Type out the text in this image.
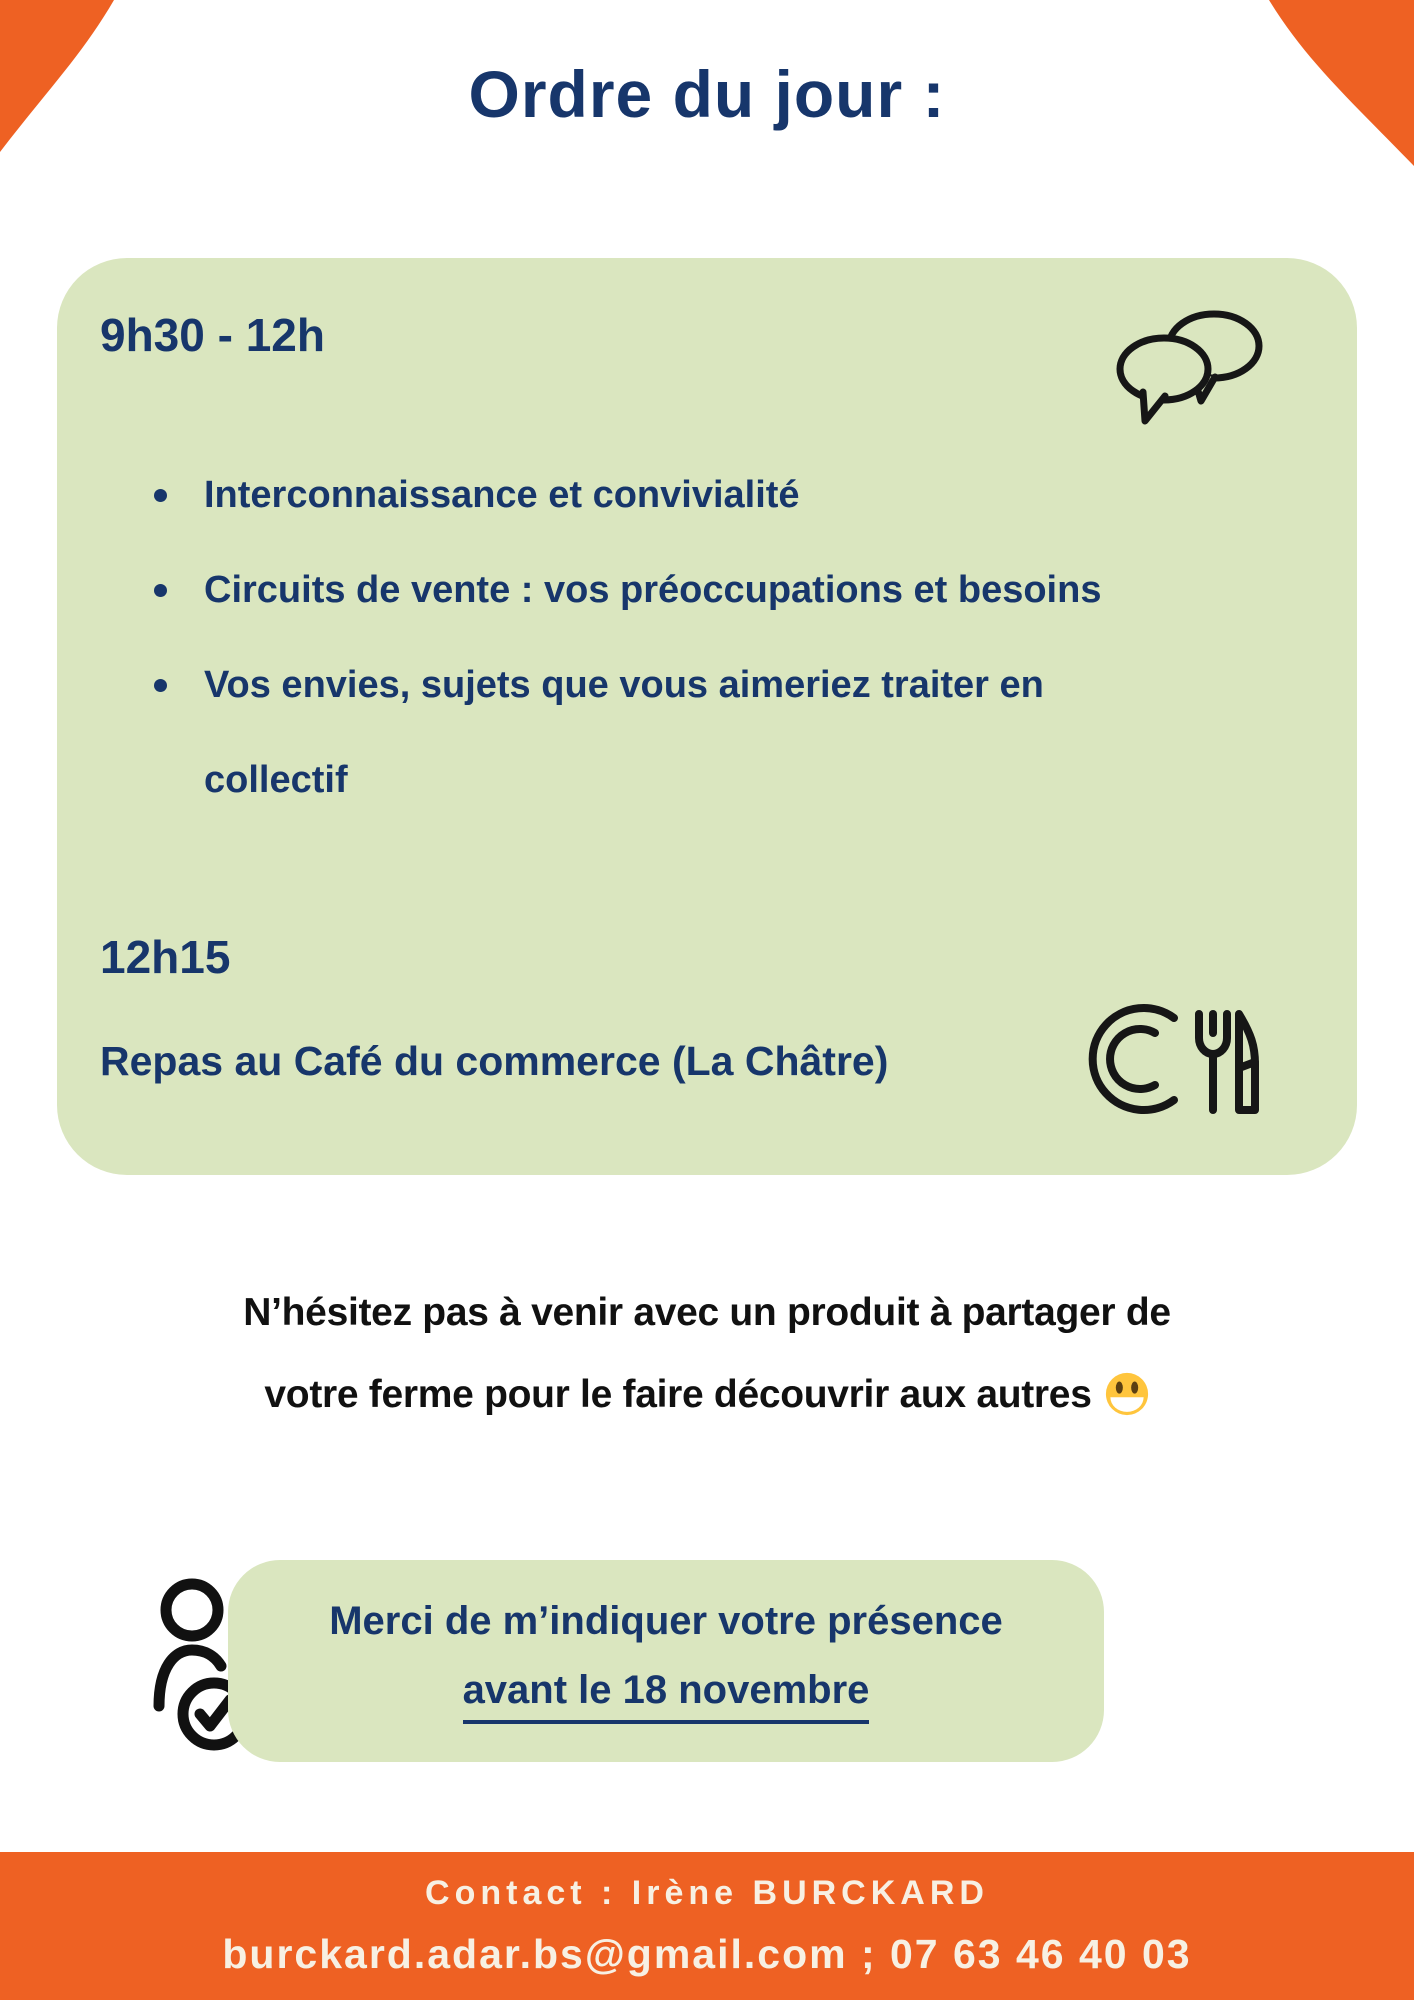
Ordre du jour :
9h30 - 12h
Interconnaissance et convivialité
Circuits de vente : vos préoccupations et besoins
Vos envies, sujets que vous aimeriez traiter en
collectif
12h15

Repas au Café du commerce (La Châtre)

N’hésitez pas à venir avec un produit à partager de
votre ferme pour le faire découvrir aux autres
Merci de m’indiquer votre présence
avant le 18 novembre
Contact : Irène BURCKARD
burckard.adar.bs@gmail.com ; 07 63 46 40 03
